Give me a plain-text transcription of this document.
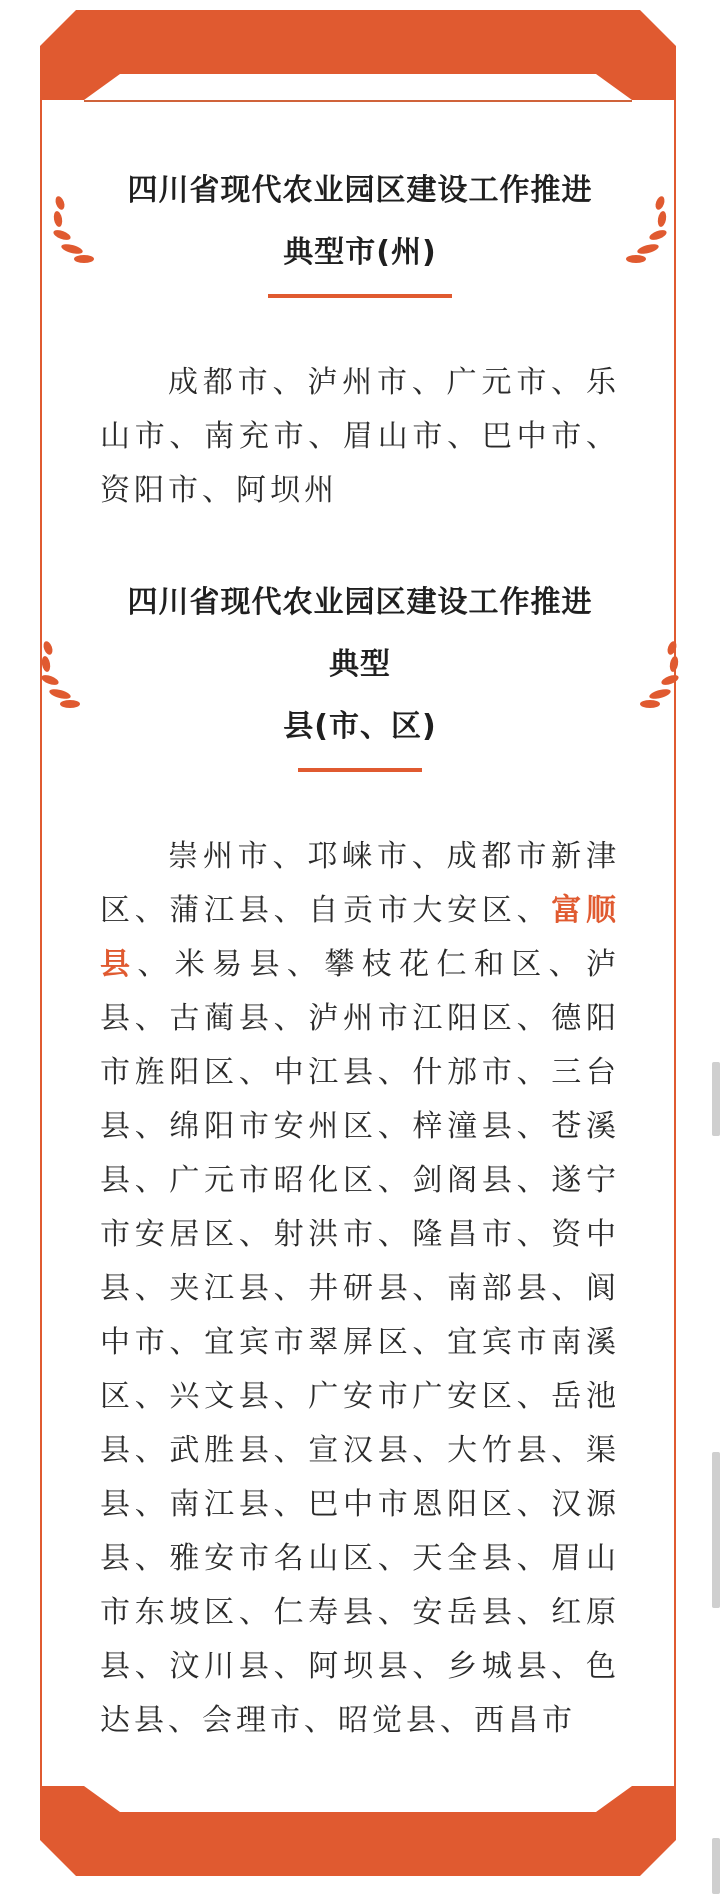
四川省现代农业园区建设工作推进
典型市(州)
成都市、泸州市、广元市、乐山市、南充市、眉山市、巴中市、资阳市、阿坝州
四川省现代农业园区建设工作推进
典型
县(市、区)
崇州市、邛崃市、成都市新津区、蒲江县、自贡市大安区、富顺县、米易县、攀枝花仁和区、泸县、古蔺县、泸州市江阳区、德阳市旌阳区、中江县、什邡市、三台县、绵阳市安州区、梓潼县、苍溪县、广元市昭化区、剑阁县、遂宁市安居区、射洪市、隆昌市、资中县、夹江县、井研县、南部县、阆中市、宜宾市翠屏区、宜宾市南溪区、兴文县、广安市广安区、岳池县、武胜县、宣汉县、大竹县、渠县、南江县、巴中市恩阳区、汉源县、雅安市名山区、天全县、眉山市东坡区、仁寿县、安岳县、红原县、汶川县、阿坝县、乡城县、色达县、会理市、昭觉县、西昌市
